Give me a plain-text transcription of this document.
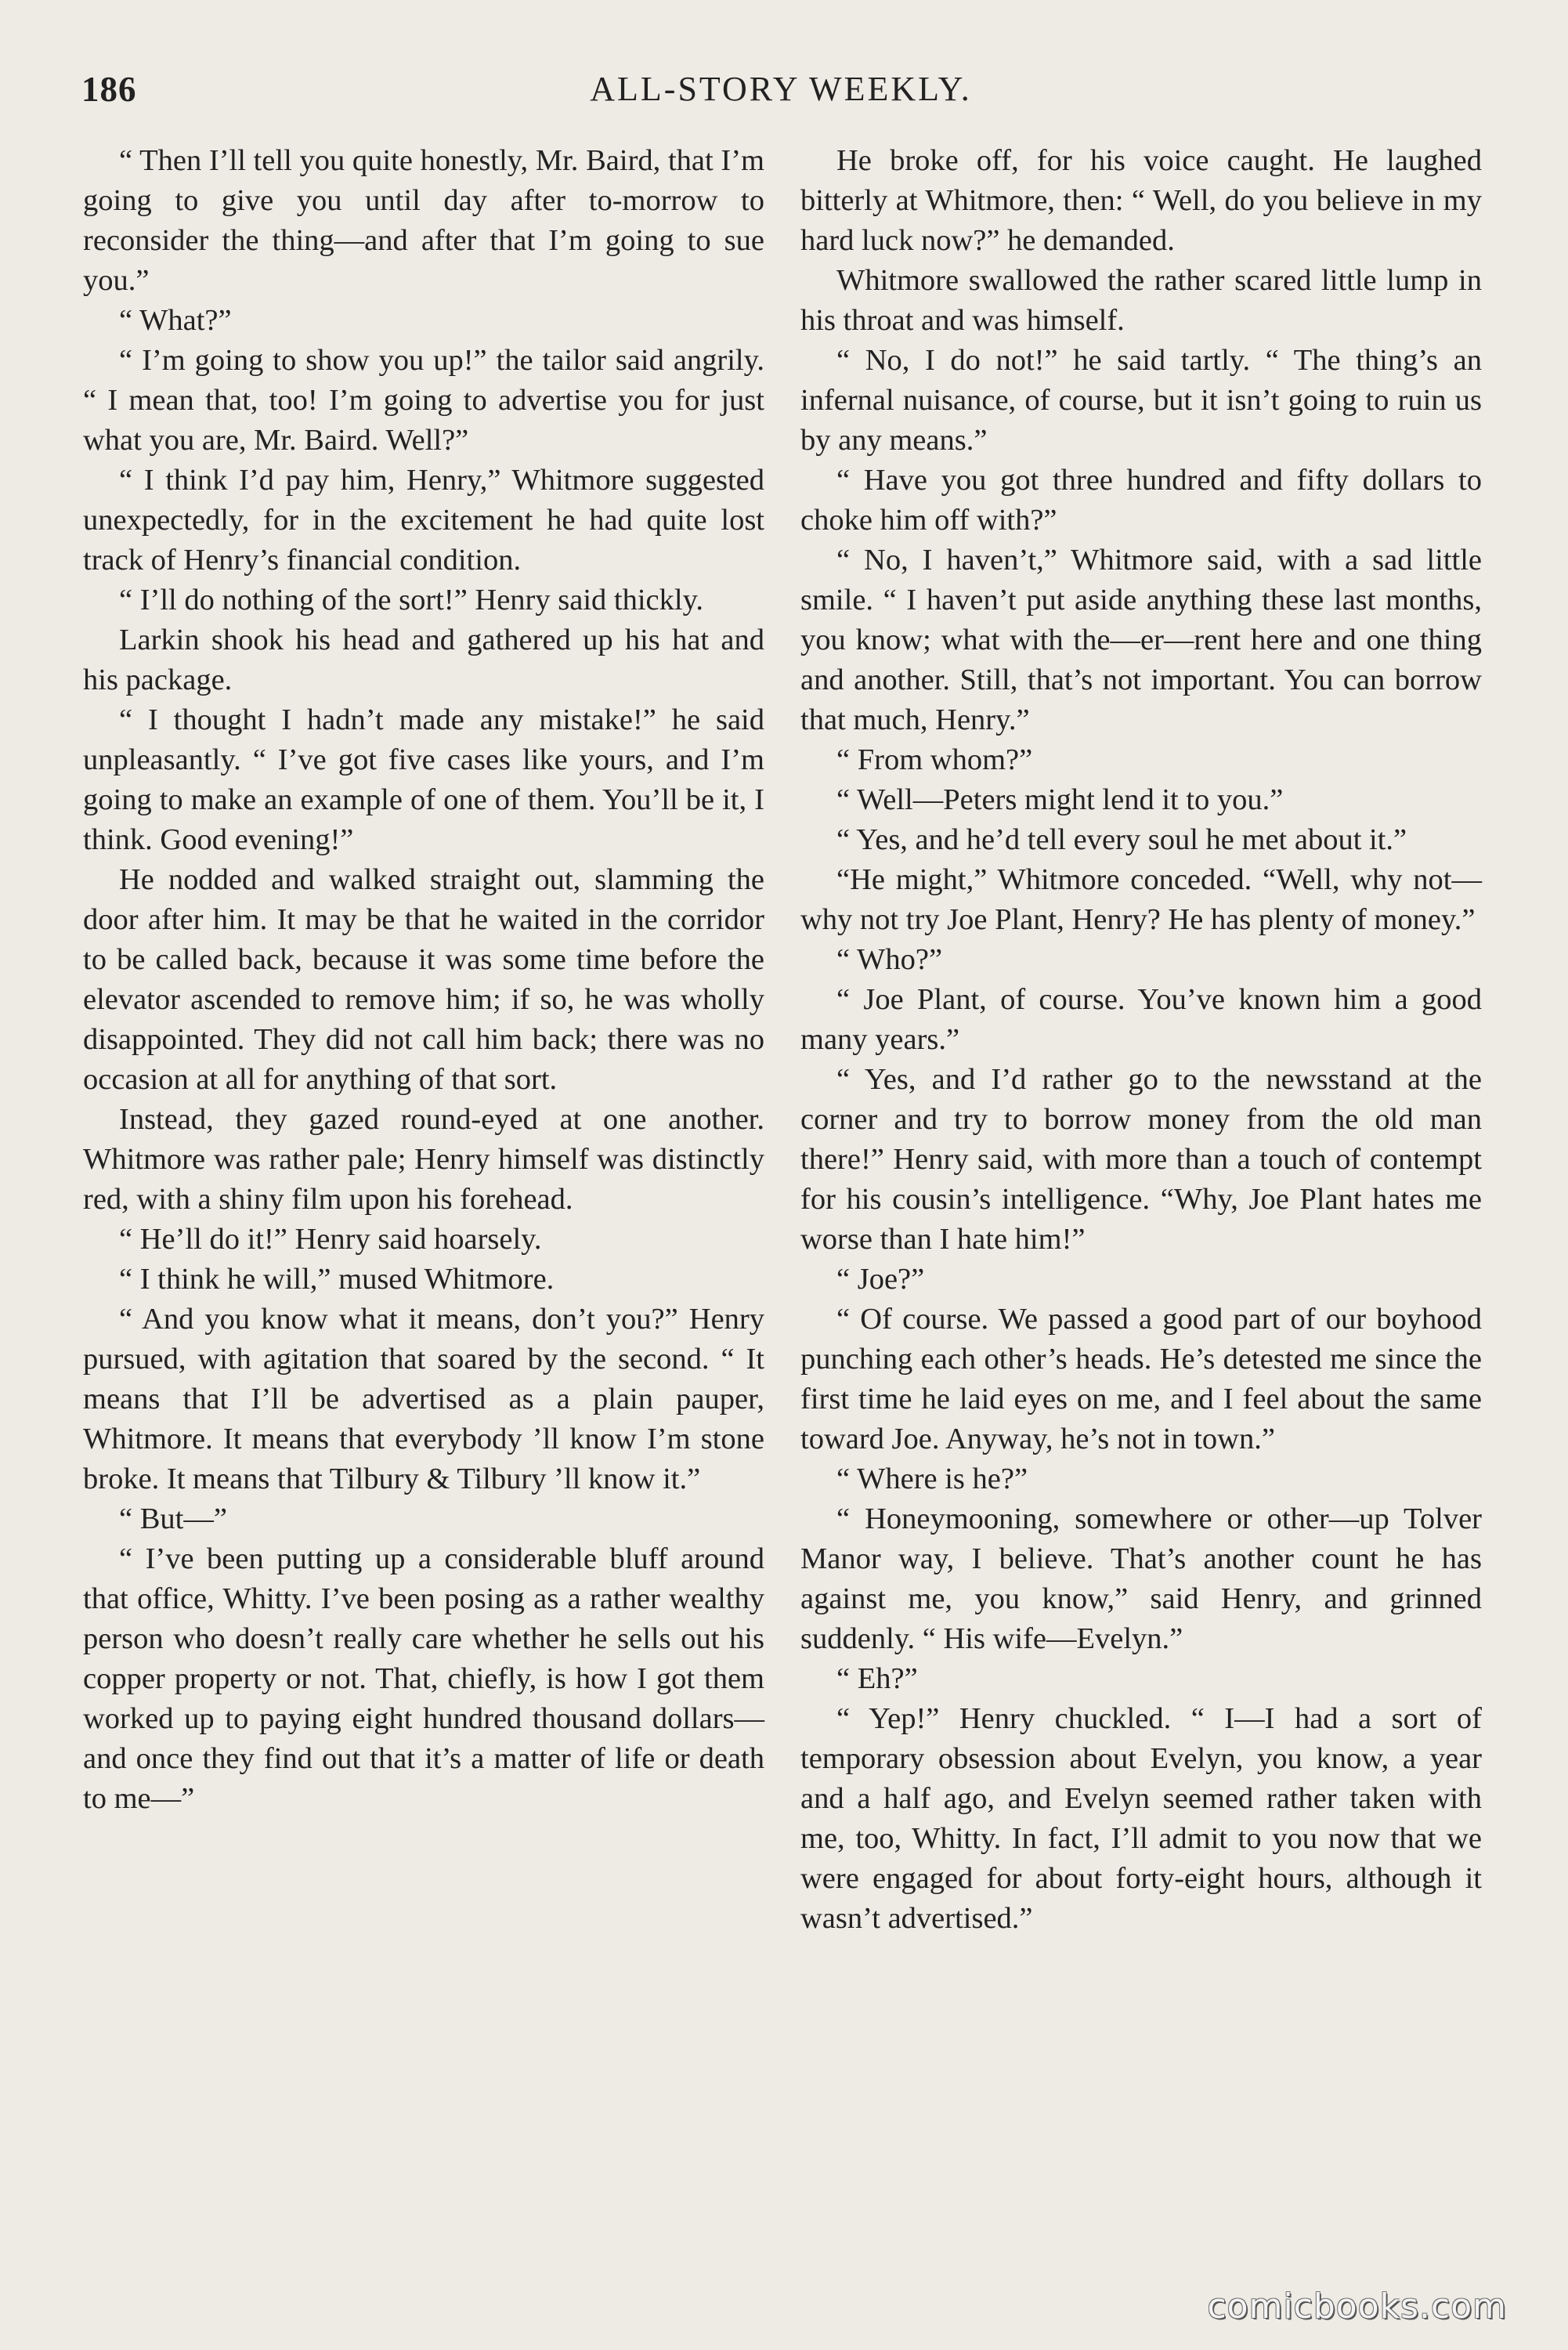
186	ALL-STORY WEEKLY.

“ Then I’ll tell you quite honestly, Mr. Baird, that I’m going to give you until day after to-morrow to reconsider the thing—and after that I’m going to sue you.”

“ What?”

“ I’m going to show you up!” the tailor said angrily. “ I mean that, too! I’m going to advertise you for just what you are, Mr. Baird. Well?”

“ I think I’d pay him, Henry,” Whitmore suggested unexpectedly, for in the excitement he had quite lost track of Henry’s financial condition.

“ I’ll do nothing of the sort!” Henry said thickly.

Larkin shook his head and gathered up his hat and his package.

“ I thought I hadn’t made any mistake!” he said unpleasantly. “ I’ve got five cases like yours, and I’m going to make an example of one of them. You’ll be it, I think. Good evening!”

He nodded and walked straight out, slamming the door after him. It may be that he waited in the corridor to be called back, because it was some time before the elevator ascended to remove him; if so, he was wholly disappointed. They did not call him back; there was no occasion at all for anything of that sort.

Instead, they gazed round-eyed at one another. Whitmore was rather pale; Henry himself was distinctly red, with a shiny film upon his forehead.

“ He’ll do it!” Henry said hoarsely.

“ I think he will,” mused Whitmore.

“ And you know what it means, don’t you?” Henry pursued, with agitation that soared by the second. “ It means that I’ll be advertised as a plain pauper, Whitmore. It means that everybody ’ll know I’m stone broke. It means that Tilbury & Tilbury ’ll know it.”

“ But—”

“ I’ve been putting up a considerable bluff around that office, Whitty. I’ve been posing as a rather wealthy person who doesn’t really care whether he sells out his copper property or not. That, chiefly, is how I got them worked up to paying eight hundred thousand dollars—and once they find out that it’s a matter of life or death to me—”

He broke off, for his voice caught. He laughed bitterly at Whitmore, then: “ Well, do you believe in my hard luck now?” he demanded.

Whitmore swallowed the rather scared little lump in his throat and was himself.

“ No, I do not!” he said tartly. “ The thing’s an infernal nuisance, of course, but it isn’t going to ruin us by any means.”

“ Have you got three hundred and fifty dollars to choke him off with?”

“ No, I haven’t,” Whitmore said, with a sad little smile. “ I haven’t put aside anything these last months, you know; what with the—er—rent here and one thing and another. Still, that’s not important. You can borrow that much, Henry.”

“ From whom?”

“ Well—Peters might lend it to you.”

“ Yes, and he’d tell every soul he met about it.”

“He might,” Whitmore conceded. “Well, why not—why not try Joe Plant, Henry? He has plenty of money.”

“ Who?”

“ Joe Plant, of course. You’ve known him a good many years.”

“ Yes, and I’d rather go to the newsstand at the corner and try to borrow money from the old man there!” Henry said, with more than a touch of contempt for his cousin’s intelligence. “Why, Joe Plant hates me worse than I hate him!”

“ Joe?”

“ Of course. We passed a good part of our boyhood punching each other’s heads. He’s detested me since the first time he laid eyes on me, and I feel about the same toward Joe. Anyway, he’s not in town.”

“ Where is he?”

“ Honeymooning, somewhere or other—up Tolver Manor way, I believe. That’s another count he has against me, you know,” said Henry, and grinned suddenly. “ His wife—Evelyn.”

“ Eh?”

“ Yep!” Henry chuckled. “ I—I had a sort of temporary obsession about Evelyn, you know, a year and a half ago, and Evelyn seemed rather taken with me, too, Whitty. In fact, I’ll admit to you now that we were engaged for about forty-eight hours, although it wasn’t advertised.”

comicbooks.com
